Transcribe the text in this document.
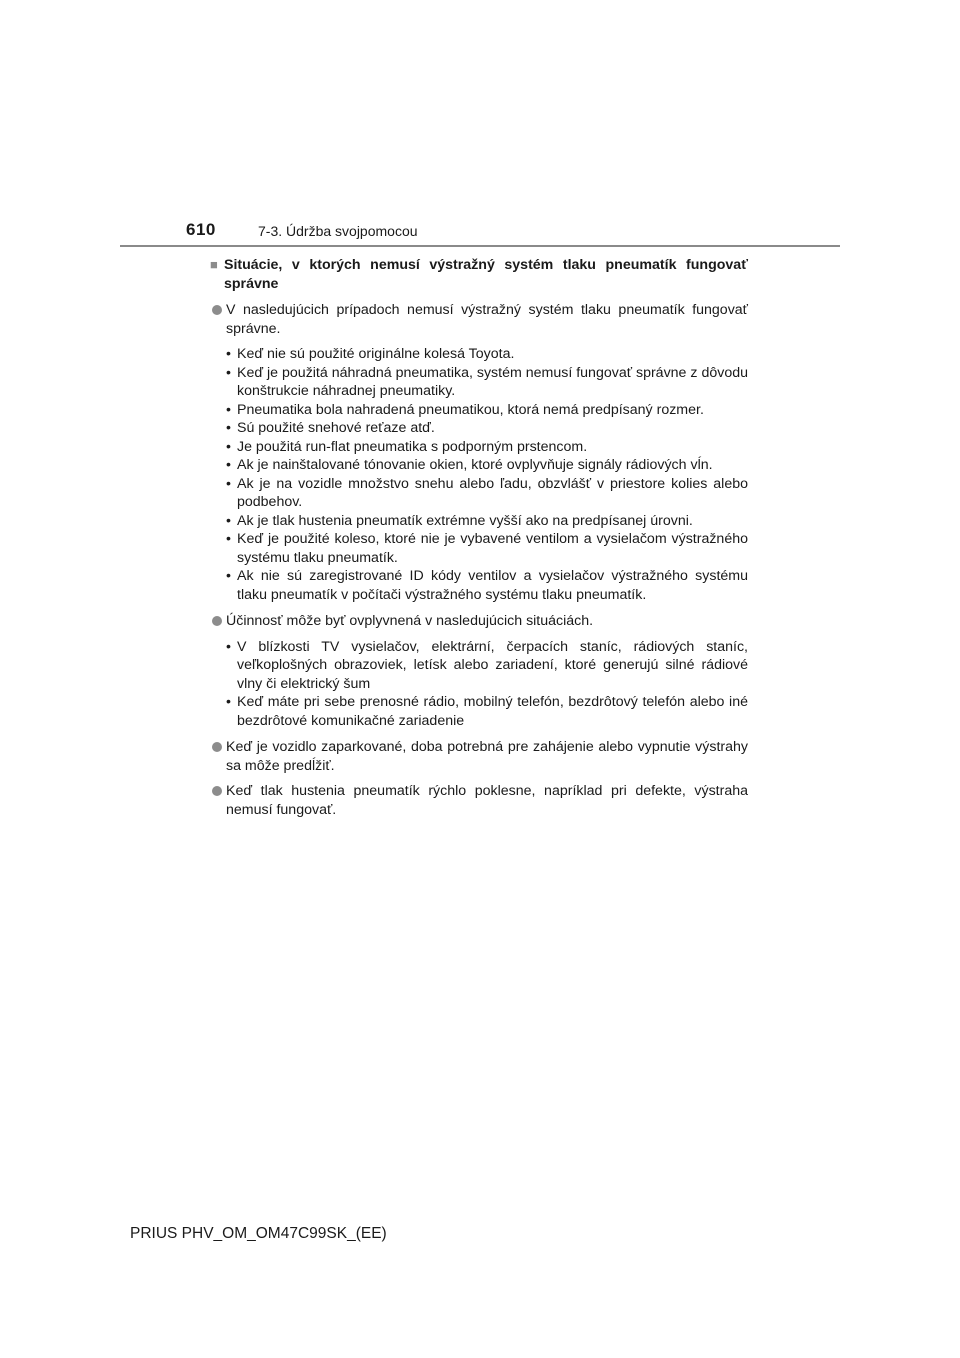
610	7-3. Údržba svojpomocou
■ Situácie, v ktorých nemusí výstražný systém tlaku pneumatík fungovať správne
V nasledujúcich prípadoch nemusí výstražný systém tlaku pneumatík fungovať správne.
• Keď nie sú použité originálne kolesá Toyota.
• Keď je použitá náhradná pneumatika, systém nemusí fungovať správne z dôvodu konštrukcie náhradnej pneumatiky.
• Pneumatika bola nahradená pneumatikou, ktorá nemá predpísaný rozmer.
• Sú použité snehové reťaze atď.
• Je použitá run-flat pneumatika s podporným prstencom.
• Ak je nainštalované tónovanie okien, ktoré ovplyvňuje signály rádiových vĺn.
• Ak je na vozidle množstvo snehu alebo ľadu, obzvlášť v priestore kolies alebo podbehov.
• Ak je tlak hustenia pneumatík extrémne vyšší ako na predpísanej úrovni.
• Keď je použité koleso, ktoré nie je vybavené ventilom a vysielačom výstražného systému tlaku pneumatík.
• Ak nie sú zaregistrované ID kódy ventilov a vysielačov výstražného systému tlaku pneumatík v počítači výstražného systému tlaku pneumatík.
Účinnosť môže byť ovplyvnená v nasledujúcich situáciách.
• V blízkosti TV vysielačov, elektrární, čerpacích staníc, rádiových staníc, veľkoplošných obrazoviek, letísk alebo zariadení, ktoré generujú silné rádiové vlny či elektrický šum
• Keď máte pri sebe prenosné rádio, mobilný telefón, bezdrôtový telefón alebo iné bezdrôtové komunikačné zariadenie
Keď je vozidlo zaparkované, doba potrebná pre zahájenie alebo vypnutie výstrahy sa môže predĺžiť.
Keď tlak hustenia pneumatík rýchlo poklesne, napríklad pri defekte, výstraha nemusí fungovať.
PRIUS PHV_OM_OM47C99SK_(EE)
